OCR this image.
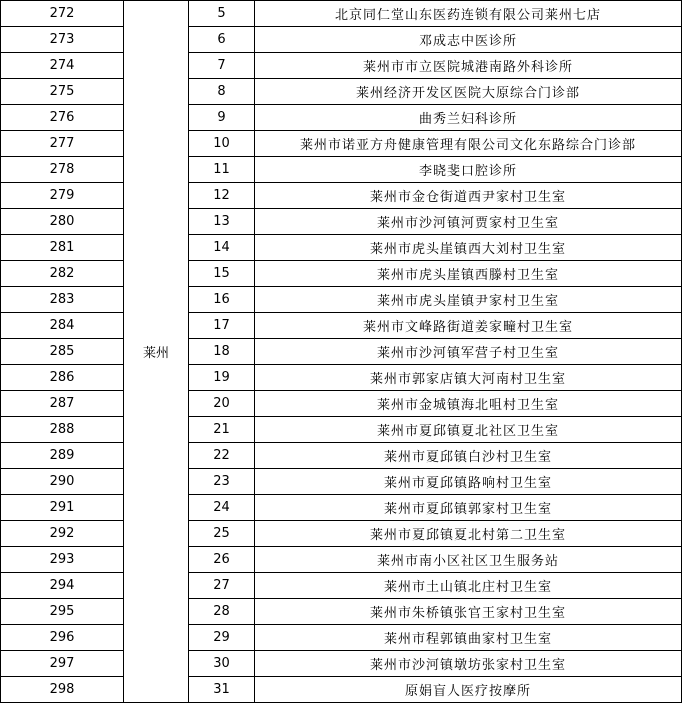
272	莱州	5	北京同仁堂山东医药连锁有限公司莱州七店
273		6	邓成志中医诊所
274		7	莱州市市立医院城港南路外科诊所
275		8	莱州经济开发区医院大原综合门诊部
276		9	曲秀兰妇科诊所
277		10	莱州市诺亚方舟健康管理有限公司文化东路综合门诊部
278		11	李晓斐口腔诊所
279		12	莱州市金仓街道西尹家村卫生室
280		13	莱州市沙河镇河贾家村卫生室
281		14	莱州市虎头崖镇西大刘村卫生室
282		15	莱州市虎头崖镇西滕村卫生室
283		16	莱州市虎头崖镇尹家村卫生室
284		17	莱州市文峰路街道姜家疃村卫生室
285		18	莱州市沙河镇军营子村卫生室
286		19	莱州市郭家店镇大河南村卫生室
287		20	莱州市金城镇海北咀村卫生室
288		21	莱州市夏邱镇夏北社区卫生室
289		22	莱州市夏邱镇白沙村卫生室
290		23	莱州市夏邱镇路响村卫生室
291		24	莱州市夏邱镇郭家村卫生室
292		25	莱州市夏邱镇夏北村第二卫生室
293		26	莱州市南小区社区卫生服务站
294		27	莱州市土山镇北庄村卫生室
295		28	莱州市朱桥镇张官王家村卫生室
296		29	莱州市程郭镇曲家村卫生室
297		30	莱州市沙河镇墩坊张家村卫生室
298		31	原娟盲人医疗按摩所
